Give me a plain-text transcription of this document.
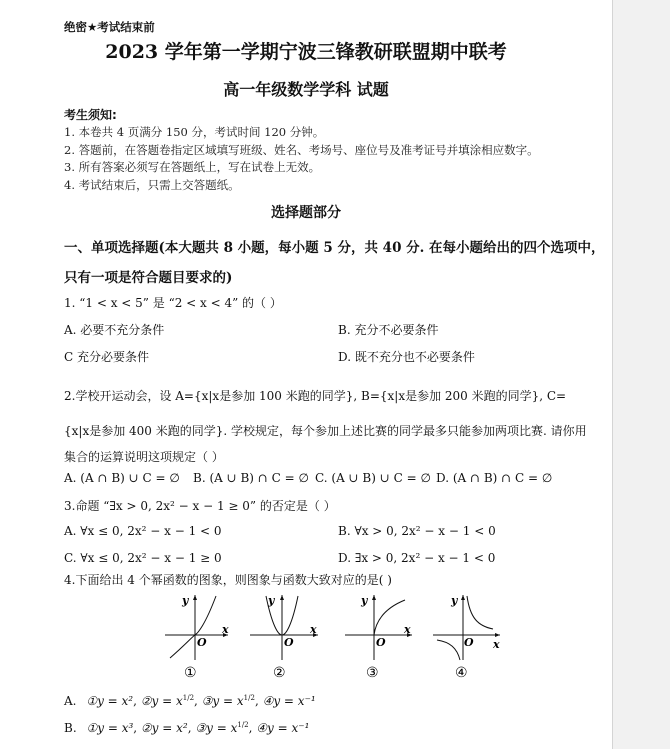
绝密★考试结束前
2023 学年第一学期宁波三锋教研联盟期中联考
高一年级数学学科 试题
考生须知:
1. 本卷共 4 页满分 150 分，考试时间 120 分钟。
2. 答题前，在答题卷指定区域填写班级、姓名、考场号、座位号及准考证号并填涂相应数字。
3. 所有答案必须写在答题纸上，写在试卷上无效。
4. 考试结束后，只需上交答题纸。
选择题部分
一、单项选择题(本大题共 8 小题，每小题 5 分，共 40 分. 在每小题给出的四个选项中，
只有一项是符合题目要求的)
1. “1 < x < 5” 是 “2 < x < 4” 的（ ）
A. 必要不充分条件	B. 充分不必要条件
C 充分必要条件	D. 既不充分也不必要条件
2.学校开运动会，设 A={x|x是参加 100 米跑的同学}, B={x|x是参加 200 米跑的同学}, C=
{x|x是参加 400 米跑的同学}. 学校规定，每个参加上述比赛的同学最多只能参加两项比赛. 请你用
集合的运算说明这项规定（ ）
A. (A ∩ B) ∪ C = ∅ B. (A ∪ B) ∩ C = ∅ C. (A ∪ B) ∪ C = ∅ D. (A ∩ B) ∩ C = ∅
3.命题 “∃x > 0, 2x² − x − 1 ≥ 0” 的否定是（ ）
A. ∀x ≤ 0, 2x² − x − 1 < 0	B. ∀x > 0, 2x² − x − 1 < 0
C. ∀x ≤ 0, 2x² − x − 1 ≥ 0	D. ∃x > 0, 2x² − x − 1 < 0
4.下面给出 4 个幂函数的图象，则图象与函数大致对应的是( )
y
O
x
①
y
O
x
②
y
O
x
③
y
O x
④
A. ①y = x², ②y = $x^{1/2}$, ③y = $x^{1/2}$, ④y = x⁻¹
B. ①y = x³, ②y = x², ③y = $x^{1/2}$, ④y = x⁻¹
